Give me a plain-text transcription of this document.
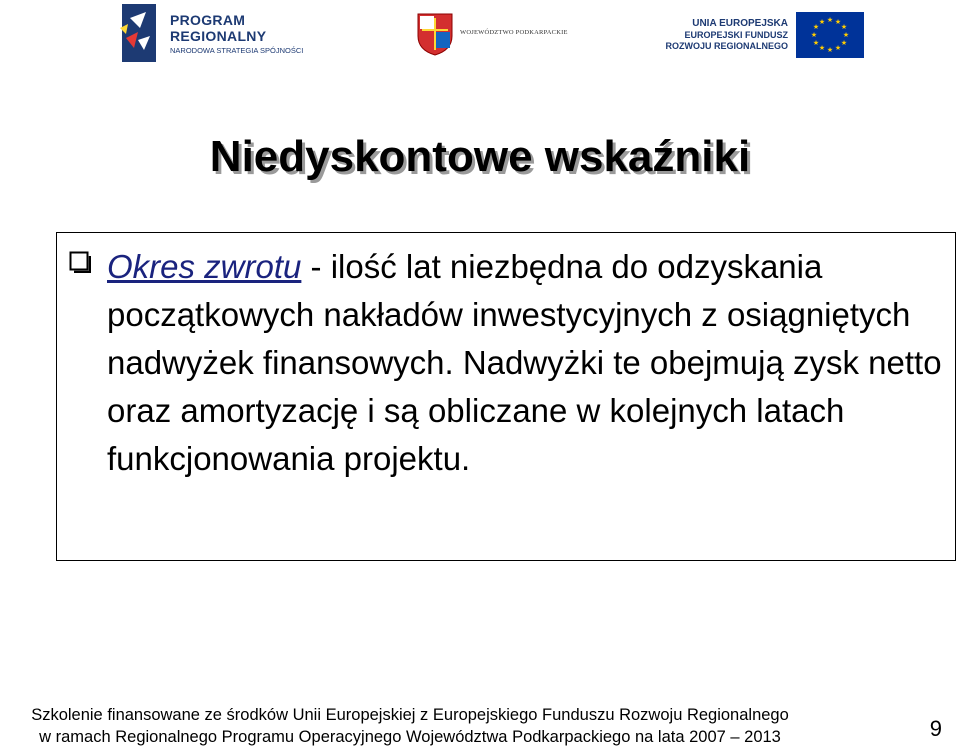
PROGRAM
REGIONALNY
NARODOWA STRATEGIA SPÓJNOŚCI
WOJEWÓDZTWO PODKARPACKIE
UNIA EUROPEJSKA
EUROPEJSKI FUNDUSZ
ROZWOJU REGIONALNEGO
★ ★
★
★
★
★
★
★
★
★
★
★
Niedyskontowe wskaźniki

Okres zwrotu - ilość lat niezbędna do odzyskania początkowych nakładów inwestycyjnych z osiągniętych nadwyżek finansowych. Nadwyżki te obejmują zysk netto oraz amortyzację i są obliczane w kolejnych latach funkcjonowania projektu.

Szkolenie finansowane ze środków Unii Europejskiej z Europejskiego Funduszu Rozwoju Regionalnego
w ramach Regionalnego Programu Operacyjnego Województwa Podkarpackiego na lata 2007 – 2013	9
